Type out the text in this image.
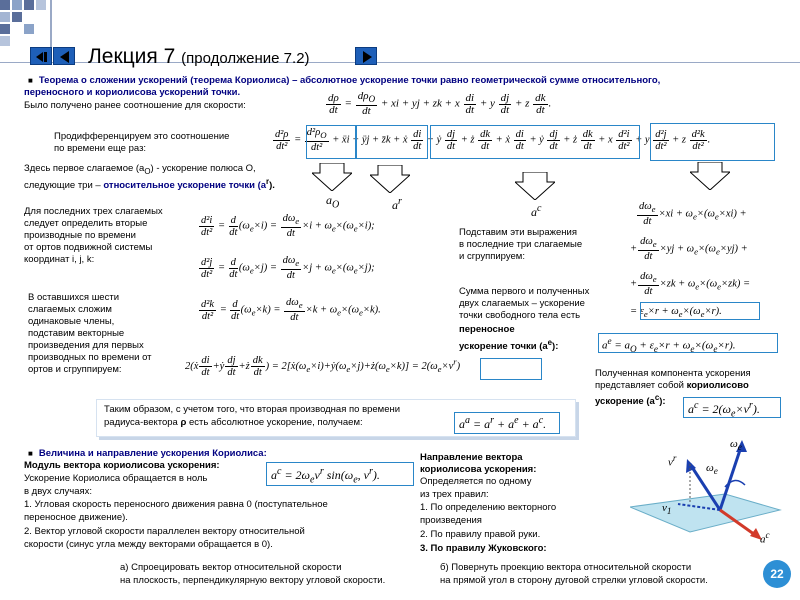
Лекция 7 (продолжение 7.2)
■ Теорема о сложении ускорений (теорема Кориолиса) – абсолютное ускорение точки равно геометрической сумме относительного,
переносного и кориолисова ускорений точки.
Было получено ранее соотношение для скорости:	$\frac{d\rho}{dt} = \frac{d\rho_O}{dt}$ + xi + yj + zk + x $\frac{di}{dt} + y \frac{dj}{dt} + z \frac{dk}{dt}$ .
Продифференцируем это соотношение
по времени еще раз:	$\frac{\text{d²ρ}}{\text{dt²}} = \frac{d^2\rho_O}{\text{dt²}}$ + ẍi + ÿj + z̈k + ẋ $\frac{di}{dt}$ + ẏ $\frac{dj}{dt}$ + ż $\frac{dk}{dt}$ + ẋ $\frac{di}{dt}$ + ẏ $\frac{dj}{dt}$ + ż $\frac{dk}{dt} + x \frac{\text{d²i}}{\text{dt²}} + y \frac{\text{d²j}}{\text{dt²}} + z \frac{\text{d²k}}{\text{dt²}}$ .
Здесь первое слагаемое $(a_O)$ - ускорение полюса O,
следующие три – относительное ускорение точки $(a^r)$.
$a_O$	$a^r$
$a^c$
Для последних трех слагаемых
следует определить вторые
производные по времени
от ортов подвижной системы
координат i, j, k:
$\frac{\text{d²i}}{\text{dt²}} = \frac{d}{dt} (\omega_e\times i) = \frac{d\omega_e}{dt} \times i + \omega_e\times(\omega_e\times i)$;
$\frac{\text{d²j}}{\text{dt²}} = \frac{d}{dt} (\omega_e\times j) = \frac{d\omega_e}{dt} \times j + \omega_e\times(\omega_e\times j)$;
$\frac{\text{d²k}}{\text{dt²}} = \frac{d}{dt} (\omega_e\times k) = \frac{d\omega_e}{dt} \times k + \omega_e\times(\omega_e\times k)$.
В оставшихся шести
слагаемых сложим
одинаковые члены,
подставим векторные
произведения для первых
производных по времени от
ортов и сгруппируем:	2(ẋ $\frac{di}{dt}$ +ẏ $\frac{dj}{dt}$ +ż $\frac{dk}{dt}$ ) = $2[ẋ(\omega_e\times i)+ẏ(\omega_e\times j)+ż(\omega_e\times k)] = 2(\omega_e\times v^r)$
$\frac{d\omega_e}{dt} \times xi + \omega_e\times(\omega_e\times xi)$ +
+ $\frac{d\omega_e}{dt} \times yj + \omega_e\times(\omega_e\times yj)$ +
+ $\frac{d\omega_e}{dt} \times zk + \omega_e\times(\omega_e\times zk)$ =
= $\varepsilon_e\times r + \omega_e\times(\omega_e\times r)$.
Подставим эти выражения
в последние три слагаемые
и сгруппируем:
Сумма первого и полученных
двух слагаемых – ускорение
точки свободного тела есть
переносное
ускорение точки $(a^e)$:	$a^e = a_O + \varepsilon_e\times r + \omega_e\times(\omega_e\times r)$.
Полученная компонента ускорения
представляет собой кориолисово
ускорение $(a^c)$:
$a^c = 2(\omega_e\times v^r)$.
Таким образом, с учетом того, что вторая производная по времени
радиуса-вектора ρ есть абсолютное ускорение, получаем:	$a^a = a^r + a^e + a^c$.
■ Величина и направление ускорения Кориолиса:
Модуль вектора кориолисова ускорения:
Ускорение Кориолиса обращается в ноль
в двух случаях:
1. Угловая скорость переносного движения равна 0 (поступательное
переносное движение).
2. Вектор угловой скорости параллелен вектору относительной
скорости (синус угла между векторами обращается в 0).
$a^c = 2\omega_ev^r$ $\sin(\omega_e$, $v^r$).
Направление вектора
кориолисова ускорения:
Определяется по одному
из трех правил:
1. По определению векторного
произведения
2. По правилу правой руки.
3. По правилу Жуковского:
а) Спроецировать вектор относительной скорости
на плоскость, перпендикулярную вектору угловой скорости.
б) Повернуть проекцию вектора относительной скорости
на прямой угол в сторону дуговой стрелки угловой скорости.
$v^r$
$\omega_e$
$\omega_e$
$v_1$
$a^c$
22
